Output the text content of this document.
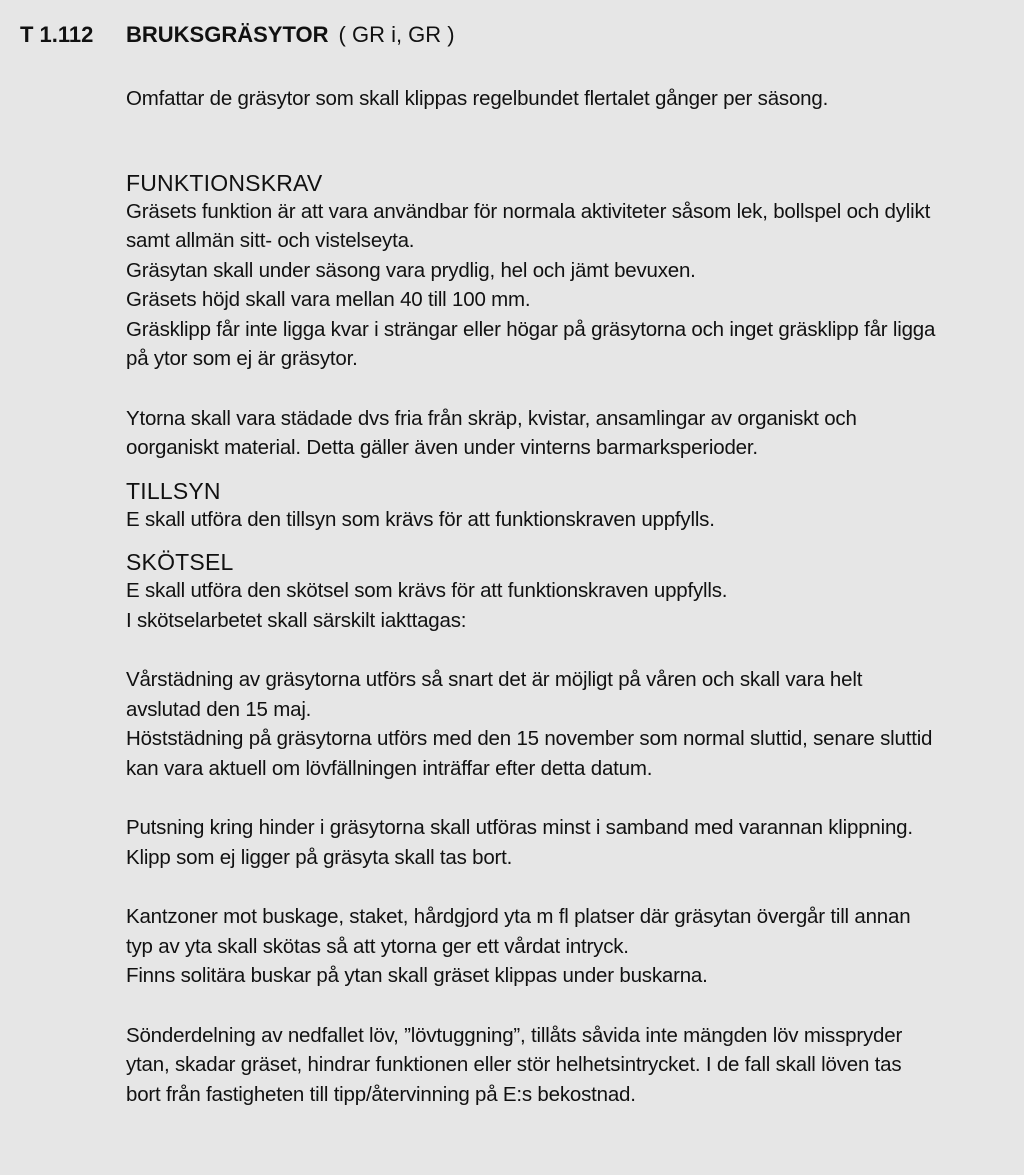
T 1.112 BRUKSGRÄSYTOR ( GR i, GR )

Omfattar de gräsytor som skall klippas regelbundet flertalet gånger per säsong.

FUNKTIONSKRAV

Gräsets funktion är att vara användbar för normala aktiviteter såsom lek, bollspel och dylikt

samt allmän sitt- och vistelseyta.

Gräsytan skall under säsong vara prydlig, hel och jämt bevuxen.

Gräsets höjd skall vara mellan 40 till 100 mm.

Gräsklipp får inte ligga kvar i strängar eller högar på gräsytorna och inget gräsklipp får ligga

på ytor som ej är gräsytor.

Ytorna skall vara städade dvs fria från skräp, kvistar, ansamlingar av organiskt och

oorganiskt material. Detta gäller även under vinterns barmarksperioder.

TILLSYN

E skall utföra den tillsyn som krävs för att funktionskraven uppfylls.

SKÖTSEL

E skall utföra den skötsel som krävs för att funktionskraven uppfylls.

I skötselarbetet skall särskilt iakttagas:

Vårstädning av gräsytorna utförs så snart det är möjligt på våren och skall vara helt

avslutad den 15 maj.

Höststädning på gräsytorna utförs med den 15 november som normal sluttid, senare sluttid

kan vara aktuell om lövfällningen inträffar efter detta datum.

Putsning kring hinder i gräsytorna skall utföras minst i samband med varannan klippning.

Klipp som ej ligger på gräsyta skall tas bort.

Kantzoner mot buskage, staket, hårdgjord yta m fl platser där gräsytan övergår till annan

typ av yta skall skötas så att ytorna ger ett vårdat intryck.

Finns solitära buskar på ytan skall gräset klippas under buskarna.

Sönderdelning av nedfallet löv, ”lövtuggning”, tillåts såvida inte mängden löv misspryder

ytan, skadar gräset, hindrar funktionen eller stör helhetsintrycket. I de fall skall löven tas

bort från fastigheten till tipp/återvinning på E:s bekostnad.
